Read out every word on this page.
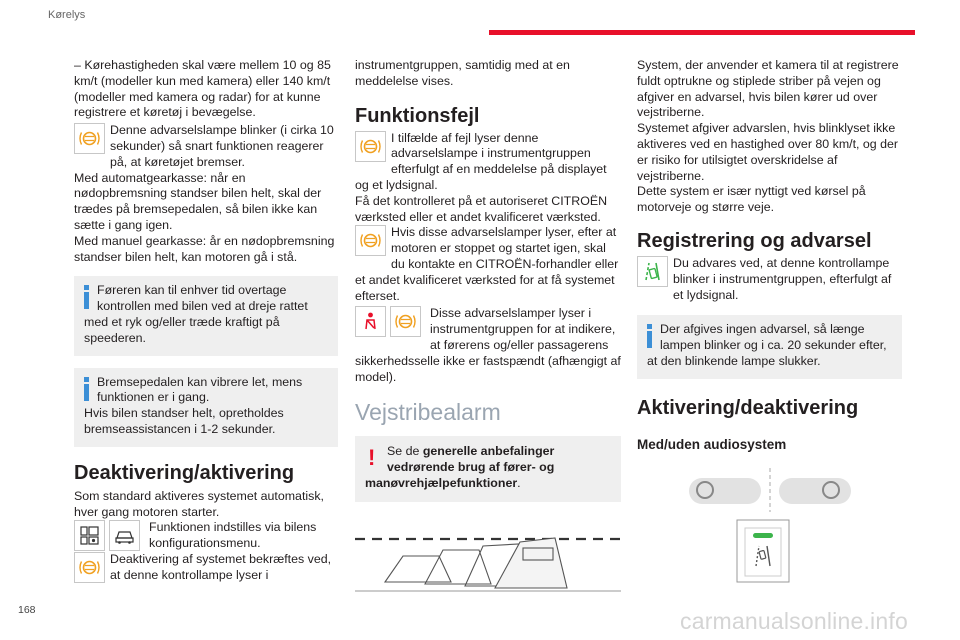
Kørelys
168	carmanualsonline.info

– Kørehastigheden skal være mellem 10 og 85 km/t (modeller kun med kamera) eller 140 km/t (modeller med kamera og radar) for at kunne registrere et køretøj i bevægelse.

Denne advarselslampe blinker (i cirka 10 sekunder) så snart funktionen reagerer på, at køretøjet bremser.

Med automatgearkasse: når en nødopbremsning standser bilen helt, skal der trædes på bremsepedalen, så bilen ikke kan sætte i gang igen.

Med manuel gearkasse: år en nødopbremsning standser bilen helt, kan motoren gå i stå.

Føreren kan til enhver tid overtage kontrollen med bilen ved at dreje rattet med et ryk og/eller træde kraftigt på speederen.

Bremsepedalen kan vibrere let, mens funktionen er i gang.

Hvis bilen standser helt, opretholdes bremseassistancen i 1-2 sekunder.

Deaktivering/aktivering

Som standard aktiveres systemet automatisk, hver gang motoren starter.

Funktionen indstilles via bilens konfigurationsmenu.

Deaktivering af systemet bekræftes ved, at denne kontrollampe lyser i

instrumentgruppen, samtidig med at en meddelelse vises.

Funktionsfejl

I tilfælde af fejl lyser denne advarselslampe i instrumentgruppen efterfulgt af en meddelelse på displayet og et lydsignal.

Få det kontrolleret på et autoriseret CITROËN værksted eller et andet kvalificeret værksted.

Hvis disse advarselslamper lyser, efter at motoren er stoppet og startet igen, skal du kontakte en CITROËN-forhandler eller et andet kvalificeret værksted for at få systemet efterset.

Disse advarselslamper lyser i instrumentgruppen for at indikere, at førerens og/eller passagerens sikkerhedsselle ikke er fastspændt (afhængigt af model).

Vejstribealarm
! Se de generelle anbefalinger vedrørende brug af fører- og manøvrehjælpefunktioner.

System, der anvender et kamera til at registrere fuldt optrukne og stiplede striber på vejen og afgiver en advarsel, hvis bilen kører ud over vejstriberne.

Systemet afgiver advarslen, hvis blinklyset ikke aktiveres ved en hastighed over 80 km/t, og der er risiko for utilsigtet overskridelse af vejstriberne.

Dette system er især nyttigt ved kørsel på motorveje og større veje.

Registrering og advarsel

Du advares ved, at denne kontrollampe blinker i instrumentgruppen, efterfulgt af et lydsignal.

Der afgives ingen advarsel, så længe lampen blinker og i ca. 20 sekunder efter, at den blinkende lampe slukker.

Aktivering/deaktivering
Med/uden audiosystem
